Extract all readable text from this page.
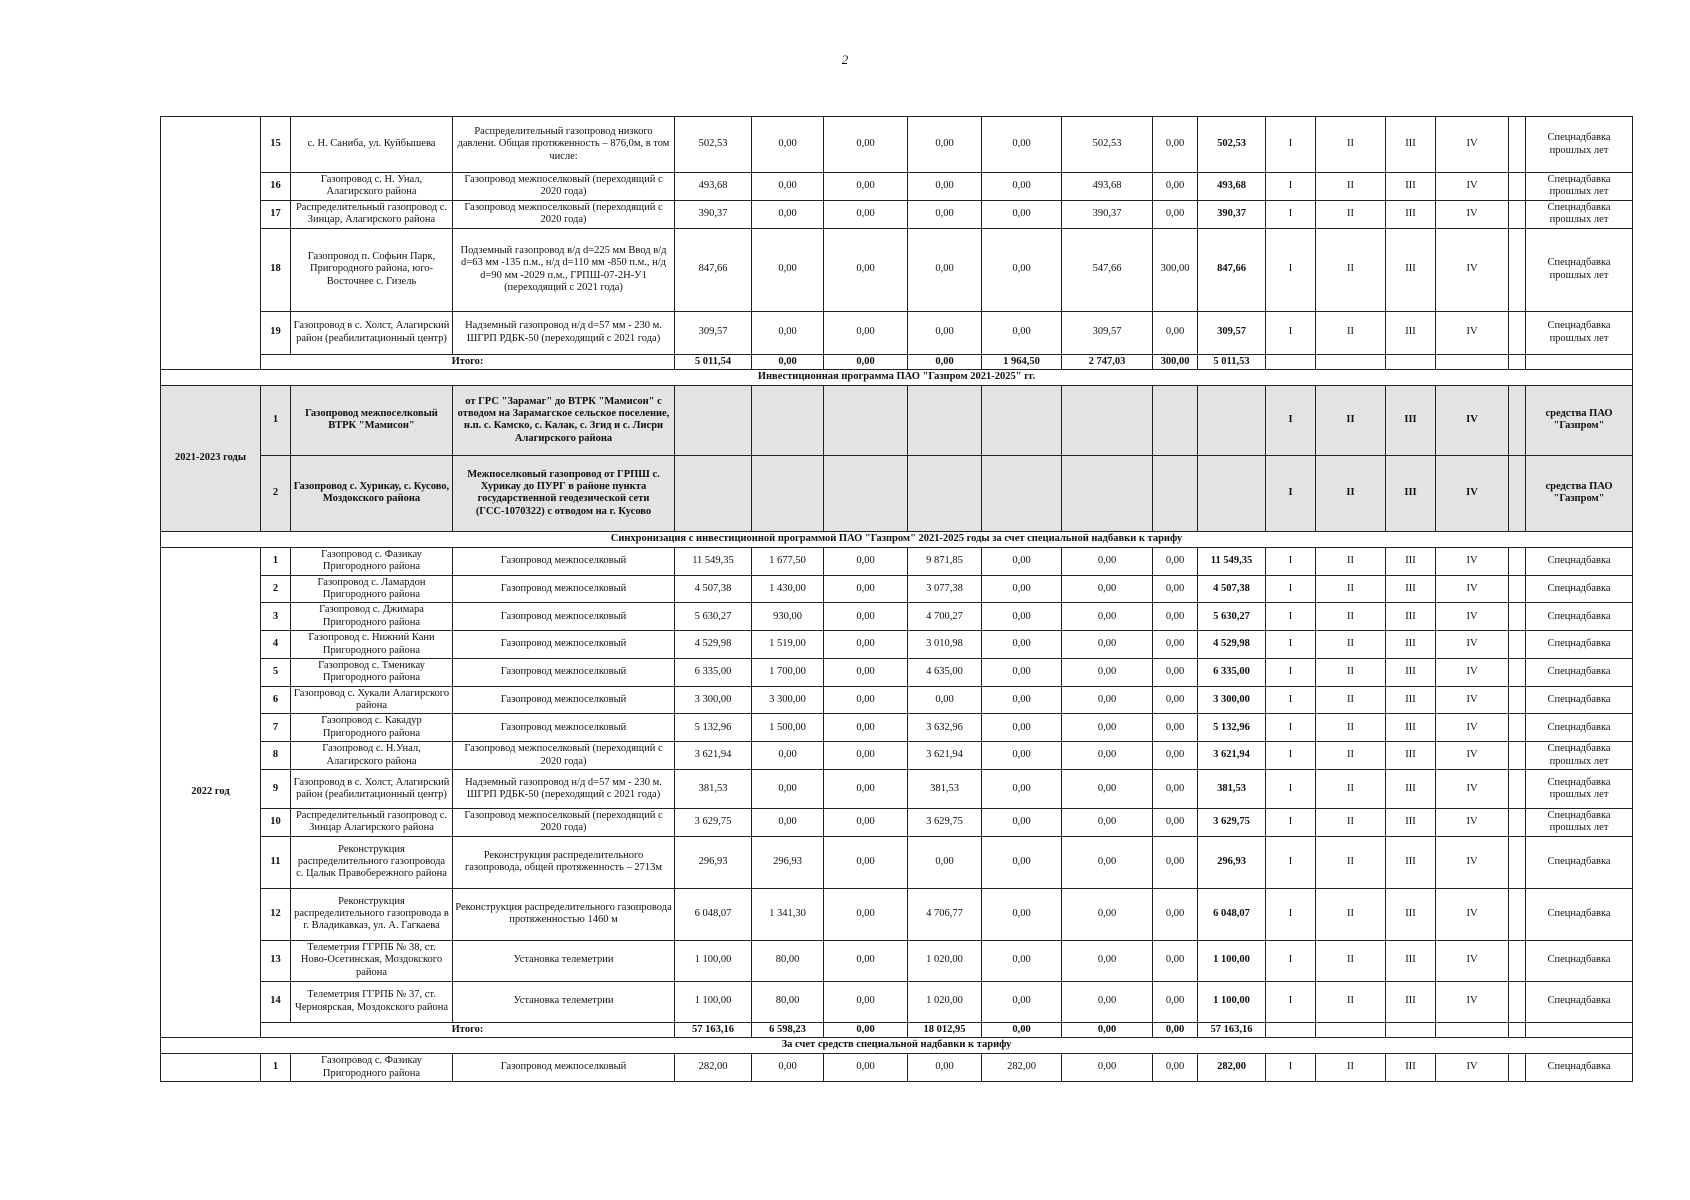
2
	15	с. Н. Саниба, ул. Куйбышева	Распределительный газопровод низкого давлени. Общая протяженность – 876,0м, в том числе:	502,53	0,00	0,00	0,00	0,00	502,53	0,00	502,53	I	II	III	IV		Спецнадбавка прошлых лет
	16	Газопровод с. Н. Унал, Алагирского района	Газопровод межпоселковый (переходящий с 2020 года)	493,68	0,00	0,00	0,00	0,00	493,68	0,00	493,68	I	II	III	IV		Спецнадбавка прошлых лет
	17	Распределительный газопровод с. Зинцар, Алагирского района	Газопровод межпоселковый (переходящий с 2020 года)	390,37	0,00	0,00	0,00	0,00	390,37	0,00	390,37	I	II	III	IV		Спецнадбавка прошлых лет
	18	Газопровод п. Софьин Парк, Пригородного района, юго-Восточнее с. Гизель	Подземный газопровод в/д d=225 мм Ввод в/д d=63 мм -135 п.м., н/д d=110 мм -850 п.м., н/д d=90 мм -2029 п.м., ГРПШ-07-2Н-У1 (переходящий с 2021 года)	847,66	0,00	0,00	0,00	0,00	547,66	300,00	847,66	I	II	III	IV		Спецнадбавка прошлых лет
	19	Газопровод в с. Холст, Алагирский район (реабилитационный центр)	Надземный газопровод н/д d=57 мм - 230 м. ШГРП РДБК-50 (переходящий с 2021 года)	309,57	0,00	0,00	0,00	0,00	309,57	0,00	309,57	I	II	III	IV		Спецнадбавка прошлых лет
	Итого:			5 011,54	0,00	0,00	0,00	1 964,50	2 747,03	300,00	5 011,53						
Инвестиционная программа ПАО "Газпром 2021-2025" гг.																	
2021-2023 годы	1	Газопровод межпоселковый ВТРК "Мамисон"	от ГРС "Зарамаг" до ВТРК "Мамисон" с отводом на Зарамагское сельское поселение, н.п. с. Камско, с. Калак, с. Згид и с. Лисри Алагирского района									I	II	III	IV		средства ПАО "Газпром"
	2	Газопровод с. Хурикау, с. Кусово, Моздокского района	Межпоселковый газопровод от ГРПШ с. Хурикау до ПУРГ в районе пункта государственной геодезической сети (ГСС-1070322) с отводом на г. Кусово									I	II	III	IV		средства ПАО "Газпром"
Синхронизация с инвестиционной программой ПАО "Газпром" 2021-2025 годы за счет специальной надбавки к тарифу																	
2022 год	1	Газопровод с. Фазикау Пригородного района	Газопровод межпоселковый	11 549,35	1 677,50	0,00	9 871,85	0,00	0,00	0,00	11 549,35	I	II	III	IV		Спецнадбавка
	2	Газопровод с. Ламардон Пригородного района	Газопровод межпоселковый	4 507,38	1 430,00	0,00	3 077,38	0,00	0,00	0,00	4 507,38	I	II	III	IV		Спецнадбавка
	3	Газопровод с. Джимара Пригородного района	Газопровод межпоселковый	5 630,27	930,00	0,00	4 700,27	0,00	0,00	0,00	5 630,27	I	II	III	IV		Спецнадбавка
	4	Газопровод с. Нижний Кани Пригородного района	Газопровод межпоселковый	4 529,98	1 519,00	0,00	3 010,98	0,00	0,00	0,00	4 529,98	I	II	III	IV		Спецнадбавка
	5	Газопровод с. Тменикау Пригородного района	Газопровод межпоселковый	6 335,00	1 700,00	0,00	4 635,00	0,00	0,00	0,00	6 335,00	I	II	III	IV		Спецнадбавка
	6	Газопровод с. Хукали Алагирского района	Газопровод межпоселковый	3 300,00	3 300,00	0,00	0,00	0,00	0,00	0,00	3 300,00	I	II	III	IV		Спецнадбавка
	7	Газопровод с. Какадур Пригородного района	Газопровод межпоселковый	5 132,96	1 500,00	0,00	3 632,96	0,00	0,00	0,00	5 132,96	I	II	III	IV		Спецнадбавка
	8	Газопровод с. Н.Унал, Алагирского района	Газопровод межпоселковый (переходящий с 2020 года)	3 621,94	0,00	0,00	3 621,94	0,00	0,00	0,00	3 621,94	I	II	III	IV		Спецнадбавка прошлых лет
	9	Газопровод в с. Холст, Алагирский район (реабилитационный центр)	Надземный газопровод н/д d=57 мм - 230 м. ШГРП РДБК-50 (переходящий с 2021 года)	381,53	0,00	0,00	381,53	0,00	0,00	0,00	381,53	I	II	III	IV		Спецнадбавка прошлых лет
	10	Распределительный газопровод с. Зинцар Алагирского района	Газопровод межпоселковый (переходящий с 2020 года)	3 629,75	0,00	0,00	3 629,75	0,00	0,00	0,00	3 629,75	I	II	III	IV		Спецнадбавка прошлых лет
	11	Реконструкция распределительного газопровода с. Цалык Правобережного района	Реконструкция распределительного газопровода, общей протяженность – 2713м	296,93	296,93	0,00	0,00	0,00	0,00	0,00	296,93	I	II	III	IV		Спецнадбавка
	12	Реконструкция распределительного газопровода в г. Владикавказ, ул. А. Гагкаева	Реконструкция распределительного газопровода протяженностью 1460 м	6 048,07	1 341,30	0,00	4 706,77	0,00	0,00	0,00	6 048,07	I	II	III	IV		Спецнадбавка
	13	Телеметрия ГГРПБ № 38, ст. Ново-Осетинская, Моздокского района	Установка телеметрии	1 100,00	80,00	0,00	1 020,00	0,00	0,00	0,00	1 100,00	I	II	III	IV		Спецнадбавка
	14	Телеметрия ГГРПБ № 37, ст. Черноярская, Моздокского района	Установка телеметрии	1 100,00	80,00	0,00	1 020,00	0,00	0,00	0,00	1 100,00	I	II	III	IV		Спецнадбавка
	Итого:			57 163,16	6 598,23	0,00	18 012,95	0,00	0,00	0,00	57 163,16						
За счет средств специальной надбавки к тарифу																	
	1	Газопровод с. Фазикау Пригородного района	Газопровод межпоселковый	282,00	0,00	0,00	0,00	282,00	0,00	0,00	282,00	I	II	III	IV		Спецнадбавка
